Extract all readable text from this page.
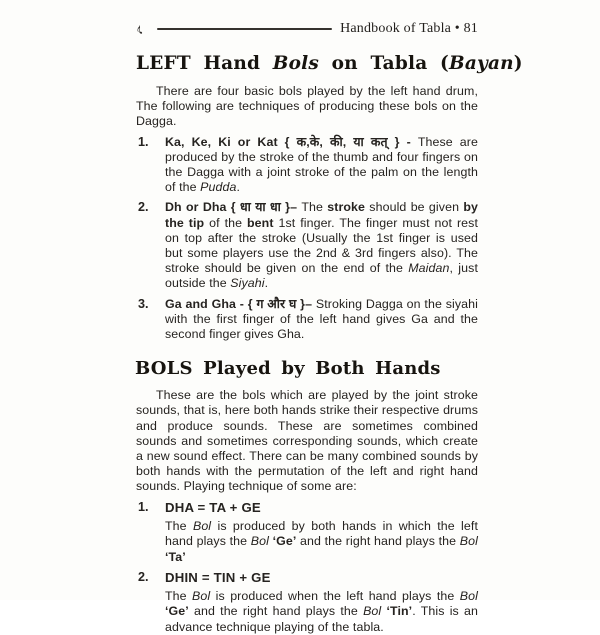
♪	Handbook of Tabla • 81
LEFT Hand Bols on Tabla (Bayan)

There are four basic bols played by the left hand drum, The following are techniques of producing these bols on the Dagga.

1.	Ka, Ke, Ki or Kat { क,के, की, या कत् } - These are produced by the stroke of the thumb and four fingers on the Dagga with a joint stroke of the palm on the length of the Pudda.
2.	Dh or Dha { धा या धा }– The stroke should be given by the tip of the bent 1st finger. The finger must not rest on top after the stroke (Usually the 1st finger is used but some players use the 2nd & 3rd fingers also). The stroke should be given on the end of the Maidan, just outside the Siyahi.
3.	Ga and Gha - { ग और घ }– Stroking Dagga on the siyahi with the first finger of the left hand gives Ga and the second finger gives Gha.
BOLS Played by Both Hands

These are the bols which are played by the joint stroke sounds, that is, here both hands strike their respective drums and produce sounds. These are sometimes combined sounds and sometimes corresponding sounds, which create a new sound effect. There can be many combined sounds by both hands with the permutation of the left and right hand sounds. Playing technique of some are:

1.	DHA = TA + GE

The Bol is produced by both hands in which the left hand plays the Bol ‘Ge’ and the right hand plays the Bol ‘Ta’

2.	DHIN = TIN + GE

The Bol is produced when the left hand plays the Bol ‘Ge’ and the right hand plays the Bol ‘Tin’. This is an advance technique playing of the tabla.
